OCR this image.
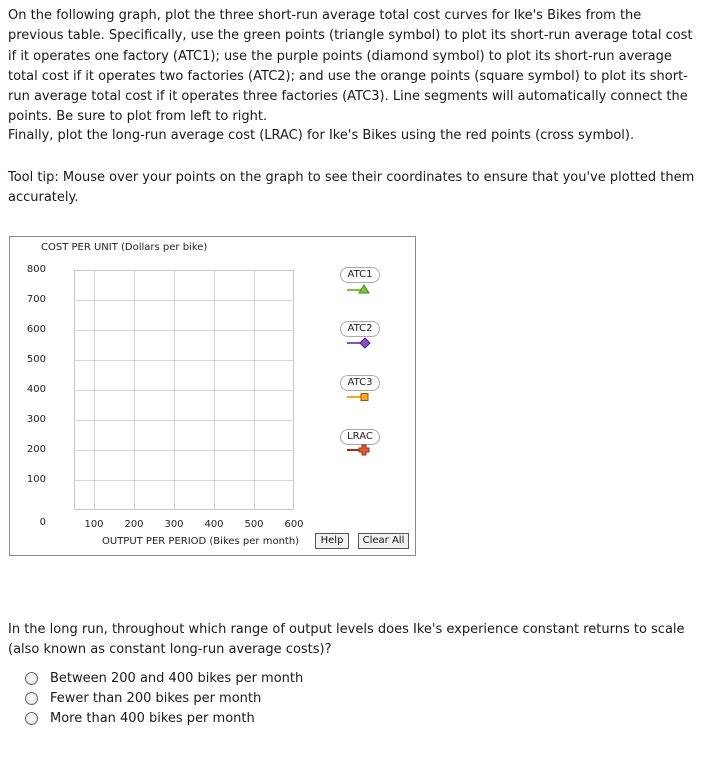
On the following graph, plot the three short-run average total cost curves for Ike's Bikes from the previous table. Specifically, use the green points (triangle symbol) to plot its short-run average total cost if it operates one factory (ATC1); use the purple points (diamond symbol) to plot its short-run average total cost if it operates two factories (ATC2); and use the orange points (square symbol) to plot its short-run average total cost if it operates three factories (ATC3). Line segments will automatically connect the points. Be sure to plot from left to right.

Finally, plot the long-run average cost (LRAC) for Ike's Bikes using the red points (cross symbol).

Tool tip: Mouse over your points on the graph to see their coordinates to ensure that you've plotted them accurately.

COST PER UNIT (Dollars per bike)
800
700
600
500
400
300
200
100
0	100	200	300	400	500	600
OUTPUT PER PERIOD (Bikes per month)
ATC1
ATC2
ATC3
LRAC
Help	Clear All

In the long run, throughout which range of output levels does Ike's experience constant returns to scale (also known as constant long-run average costs)?

Between 200 and 400 bikes per month
Fewer than 200 bikes per month
More than 400 bikes per month
